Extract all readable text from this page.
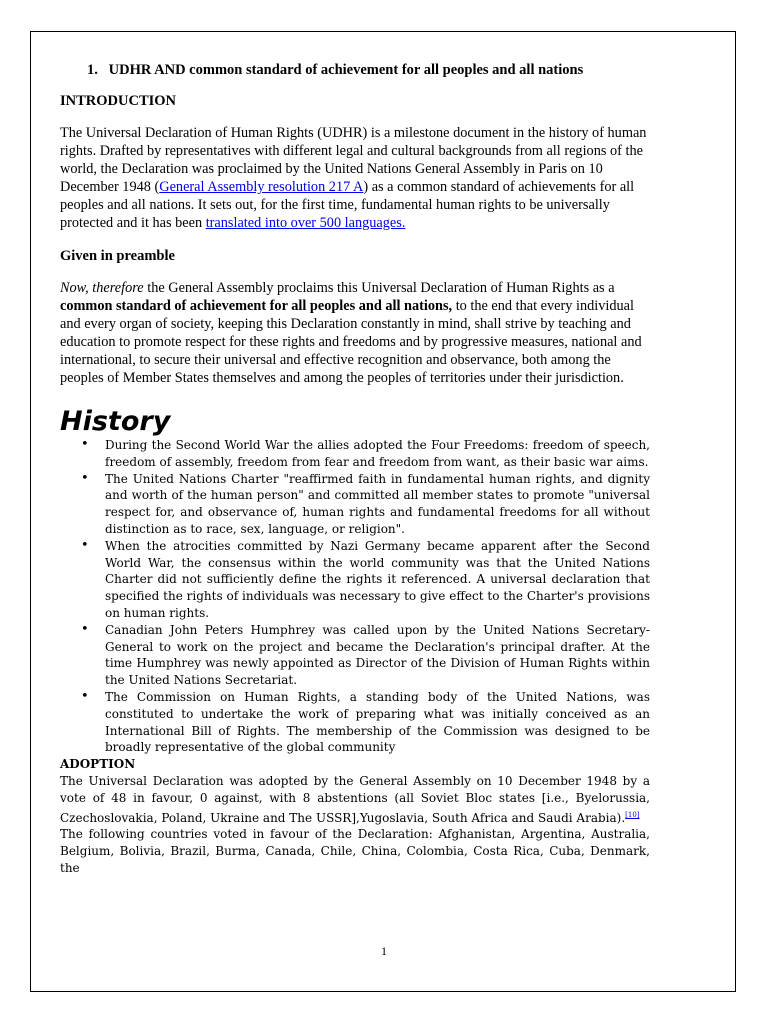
1. UDHR AND common standard of achievement for all peoples and all nations

INTRODUCTION

The Universal Declaration of Human Rights (UDHR) is a milestone document in the history of human rights. Drafted by representatives with different legal and cultural backgrounds from all regions of the world, the Declaration was proclaimed by the United Nations General Assembly in Paris on 10 December 1948 (General Assembly resolution 217 A) as a common standard of achievements for all peoples and all nations. It sets out, for the first time, fundamental human rights to be universally protected and it has been translated into over 500 languages.

Given in preamble

Now, therefore the General Assembly proclaims this Universal Declaration of Human Rights as a common standard of achievement for all peoples and all nations, to the end that every individual and every organ of society, keeping this Declaration constantly in mind, shall strive by teaching and education to promote respect for these rights and freedoms and by progressive measures, national and international, to secure their universal and effective recognition and observance, both among the peoples of Member States themselves and among the peoples of territories under their jurisdiction.

History
• During the Second World War the allies adopted the Four Freedoms: freedom of speech, freedom of assembly, freedom from fear and freedom from want, as their basic war aims.
• The United Nations Charter "reaffirmed faith in fundamental human rights, and dignity and worth of the human person" and committed all member states to promote "universal respect for, and observance of, human rights and fundamental freedoms for all without distinction as to race, sex, language, or religion".
• When the atrocities committed by Nazi Germany became apparent after the Second World War, the consensus within the world community was that the United Nations Charter did not sufficiently define the rights it referenced. A universal declaration that specified the rights of individuals was necessary to give effect to the Charter's provisions on human rights.
• Canadian John Peters Humphrey was called upon by the United Nations Secretary-General to work on the project and became the Declaration's principal drafter. At the time Humphrey was newly appointed as Director of the Division of Human Rights within the United Nations Secretariat.
• The Commission on Human Rights, a standing body of the United Nations, was constituted to undertake the work of preparing what was initially conceived as an International Bill of Rights. The membership of the Commission was designed to be broadly representative of the global community

ADOPTION

The Universal Declaration was adopted by the General Assembly on 10 December 1948 by a vote of 48 in favour, 0 against, with 8 abstentions (all Soviet Bloc states [i.e., Byelorussia, Czechoslovakia, Poland, Ukraine and The USSR],Yugoslavia, South Africa and Saudi Arabia).[10]

The following countries voted in favour of the Declaration: Afghanistan, Argentina, Australia, Belgium, Bolivia, Brazil, Burma, Canada, Chile, China, Colombia, Costa Rica, Cuba, Denmark, the

1
